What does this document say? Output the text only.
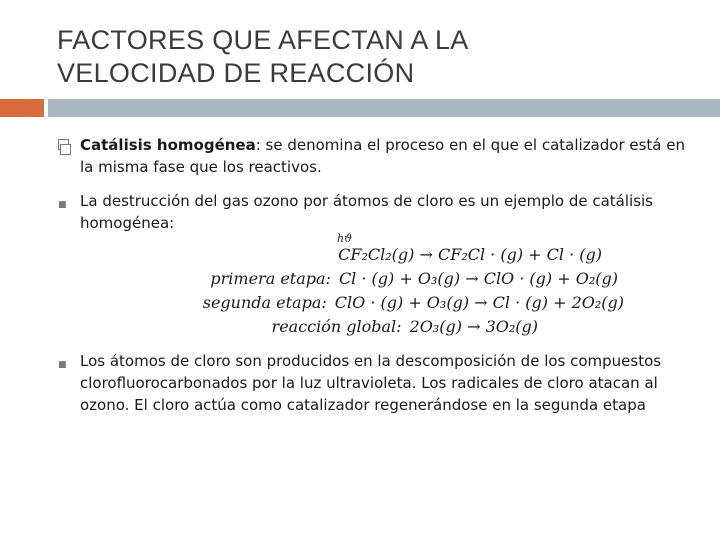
FACTORES QUE AFECTAN A LA
VELOCIDAD DE REACCIÓN
Catálisis homogénea: se denomina el proceso en el que el catalizador está en la misma fase que los reactivos.
■ La destrucción del gas ozono por átomos de cloro es un ejemplo de catálisis homogénea:
hϑ
CF₂Cl₂(g) → CF₂Cl · (g) + Cl · (g)
primera etapa: Cl · (g) + O₃(g) → ClO · (g) + O₂(g)
segunda etapa: ClO · (g) + O₃(g) → Cl · (g) + 2O₂(g)
reacción global: 2O₃(g) → 3O₂(g)
■ Los átomos de cloro son producidos en la descomposición de los compuestos clorofluorocarbonados por la luz ultravioleta. Los radicales de cloro atacan al ozono. El cloro actúa como catalizador regenerándose en la segunda etapa
